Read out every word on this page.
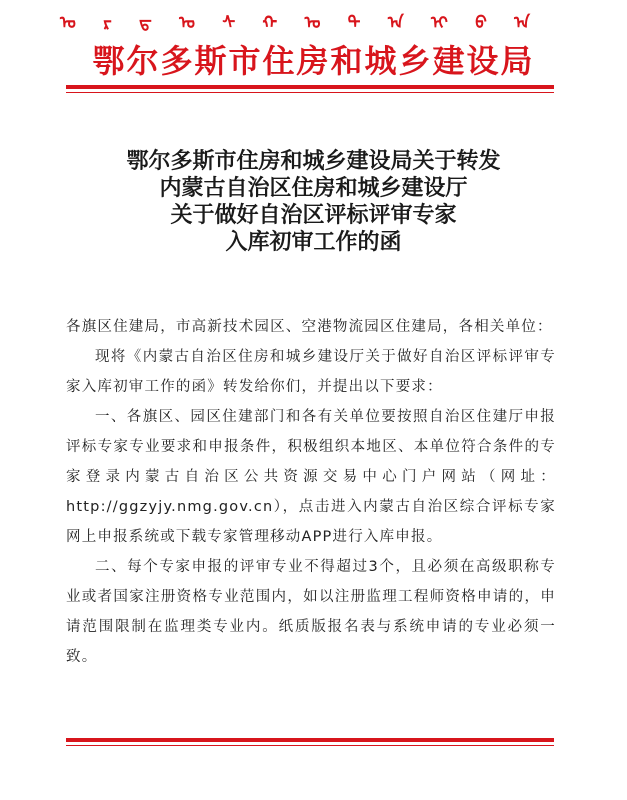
ᠣ ᠷ ᠳ ᠣ ᠰ ᠬ ᠣ ᠲ ᠠ ᠢ ᠪ ᠠ
鄂尔多斯市住房和城乡建设局
鄂尔多斯市住房和城乡建设局关于转发
内蒙古自治区住房和城乡建设厅
关于做好自治区评标评审专家
入库初审工作的函

各旗区住建局，市高新技术园区、空港物流园区住建局，各相关单位：

现将《内蒙古自治区住房和城乡建设厅关于做好自治区评标评审专家入库初审工作的函》转发给你们，并提出以下要求：

一、各旗区、园区住建部门和各有关单位要按照自治区住建厅申报评标专家专业要求和申报条件，积极组织本地区、本单位符合条件的专家登录内蒙古自治区公共资源交易中心门户网站（网址：http://ggzyjy.nmg.gov.cn），点击进入内蒙古自治区综合评标专家网上申报系统或下载专家管理移动APP进行入库申报。

二、每个专家申报的评审专业不得超过3个，且必须在高级职称专业或者国家注册资格专业范围内，如以注册监理工程师资格申请的，申请范围限制在监理类专业内。纸质版报名表与系统申请的专业必须一致。
